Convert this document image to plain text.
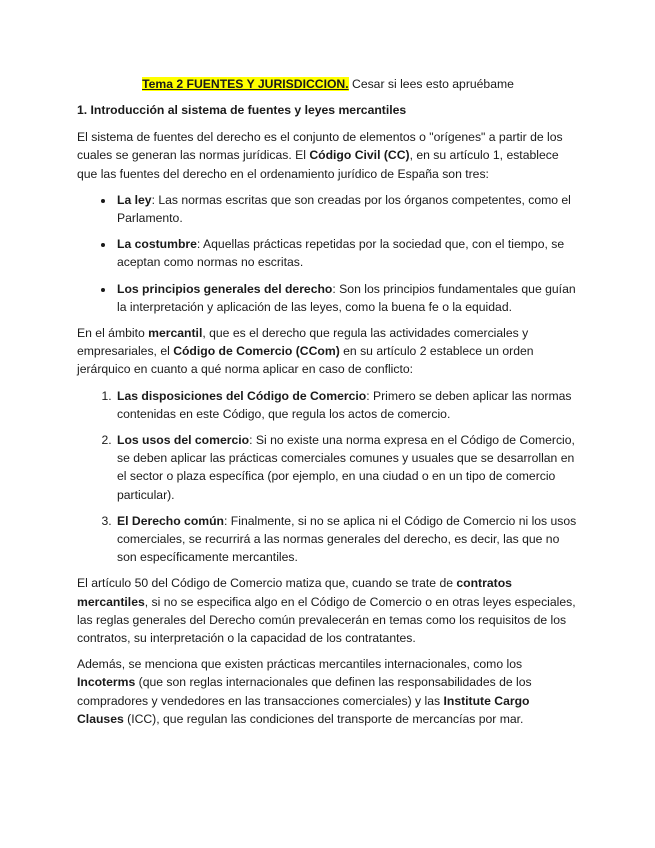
Tema 2 FUENTES Y JURISDICCION. Cesar si lees esto apruébame
1. Introducción al sistema de fuentes y leyes mercantiles

El sistema de fuentes del derecho es el conjunto de elementos o "orígenes" a partir de los cuales se generan las normas jurídicas. El Código Civil (CC), en su artículo 1, establece que las fuentes del derecho en el ordenamiento jurídico de España son tres:

• La ley: Las normas escritas que son creadas por los órganos competentes, como el Parlamento.
• La costumbre: Aquellas prácticas repetidas por la sociedad que, con el tiempo, se aceptan como normas no escritas.
• Los principios generales del derecho: Son los principios fundamentales que guían la interpretación y aplicación de las leyes, como la buena fe o la equidad.

En el ámbito mercantil, que es el derecho que regula las actividades comerciales y empresariales, el Código de Comercio (CCom) en su artículo 2 establece un orden jerárquico en cuanto a qué norma aplicar en caso de conflicto:

1. Las disposiciones del Código de Comercio: Primero se deben aplicar las normas contenidas en este Código, que regula los actos de comercio.
2. Los usos del comercio: Si no existe una norma expresa en el Código de Comercio, se deben aplicar las prácticas comerciales comunes y usuales que se desarrollan en el sector o plaza específica (por ejemplo, en una ciudad o en un tipo de comercio particular).
3. El Derecho común: Finalmente, si no se aplica ni el Código de Comercio ni los usos comerciales, se recurrirá a las normas generales del derecho, es decir, las que no son específicamente mercantiles.

El artículo 50 del Código de Comercio matiza que, cuando se trate de contratos mercantiles, si no se especifica algo en el Código de Comercio o en otras leyes especiales, las reglas generales del Derecho común prevalecerán en temas como los requisitos de los contratos, su interpretación o la capacidad de los contratantes.

Además, se menciona que existen prácticas mercantiles internacionales, como los Incoterms (que son reglas internacionales que definen las responsabilidades de los compradores y vendedores en las transacciones comerciales) y las Institute Cargo Clauses (ICC), que regulan las condiciones del transporte de mercancías por mar.
